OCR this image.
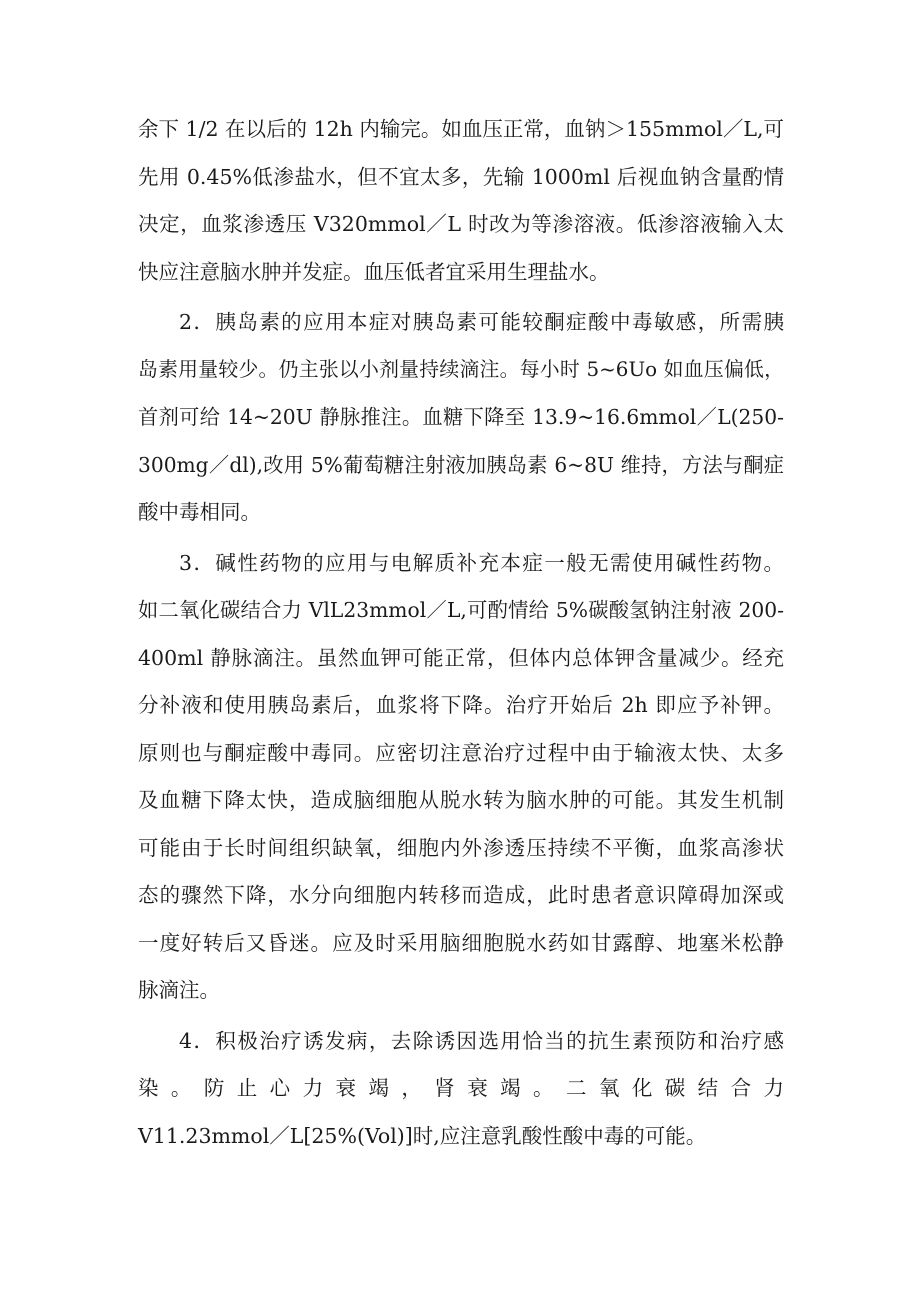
余下 1/2 在以后的 12h 内输完。如血压正常，血钠＞155mmol／L,可
先用 0.45%低渗盐水，但不宜太多，先输 1000ml 后视血钠含量酌情
决定，血浆渗透压 V320mmol／L 时改为等渗溶液。低渗溶液输入太
快应注意脑水肿并发症。血压低者宜采用生理盐水。
2．胰岛素的应用本症对胰岛素可能较酮症酸中毒敏感，所需胰
岛素用量较少。仍主张以小剂量持续滴注。每小时 5~6Uo 如血压偏低，
首剂可给 14~20U 静脉推注。血糖下降至 13.9~16.6mmol／L(250-
300mg／dl),改用 5%葡萄糖注射液加胰岛素 6~8U 维持，方法与酮症
酸中毒相同。
3．碱性药物的应用与电解质补充本症一般无需使用碱性药物。
如二氧化碳结合力 VlL23mmol／L,可酌情给 5%碳酸氢钠注射液 200-
400ml 静脉滴注。虽然血钾可能正常，但体内总体钾含量减少。经充
分补液和使用胰岛素后，血浆将下降。治疗开始后 2h 即应予补钾。
原则也与酮症酸中毒同。应密切注意治疗过程中由于输液太快、太多
及血糖下降太快，造成脑细胞从脱水转为脑水肿的可能。其发生机制
可能由于长时间组织缺氧，细胞内外渗透压持续不平衡，血浆高渗状
态的骤然下降，水分向细胞内转移而造成，此时患者意识障碍加深或
一度好转后又昏迷。应及时采用脑细胞脱水药如甘露醇、地塞米松静
脉滴注。
4．积极治疗诱发病，去除诱因选用恰当的抗生素预防和治疗感
染。防止心力衰竭，肾衰竭。二氧化碳结合力
V11.23mmol／L[25%(Vol)]时,应注意乳酸性酸中毒的可能。
